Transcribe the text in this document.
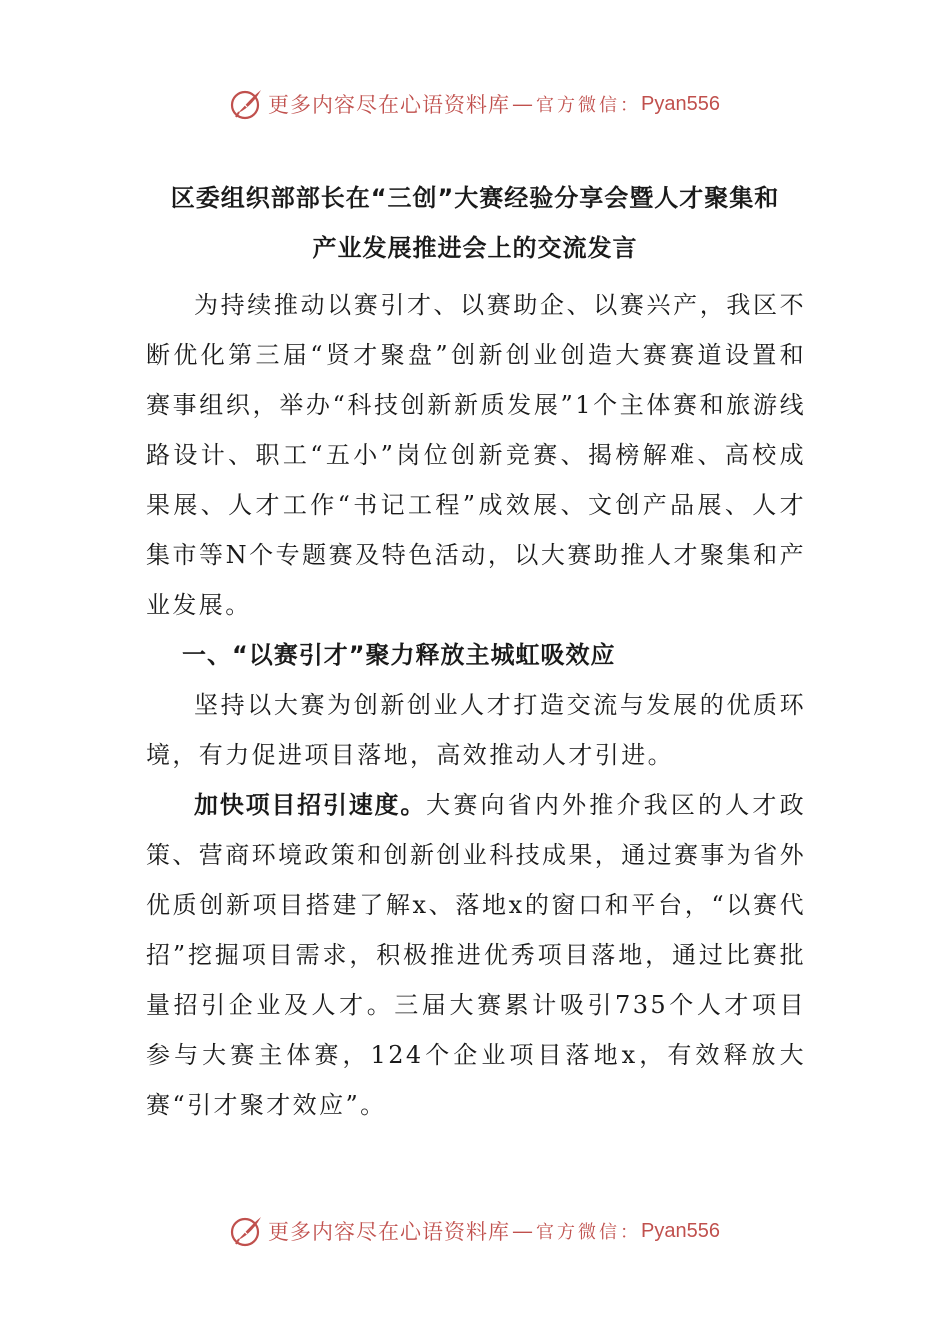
更多内容尽在心语资料库 — 官方微信： Pyan556
区委组织部部长在“三创”大赛经验分享会暨人才聚集和
产业发展推进会上的交流发言

为持续推动以赛引才、以赛助企、以赛兴产，我区不断优化第三届“贤才聚盘”创新创业创造大赛赛道设置和赛事组织，举办“科技创新新质发展”1个主体赛和旅游线路设计、职工“五小”岗位创新竞赛、揭榜解难、高校成果展、人才工作“书记工程”成效展、文创产品展、人才集市等N个专题赛及特色活动，以大赛助推人才聚集和产业发展。

一、“以赛引才”聚力释放主城虹吸效应

坚持以大赛为创新创业人才打造交流与发展的优质环境，有力促进项目落地，高效推动人才引进。

加快项目招引速度。大赛向省内外推介我区的人才政策、营商环境政策和创新创业科技成果，通过赛事为省外优质创新项目搭建了解x、落地x的窗口和平台，“以赛代招”挖掘项目需求，积极推进优秀项目落地，通过比赛批量招引企业及人才。三届大赛累计吸引735个人才项目参与大赛主体赛，124个企业项目落地x，有效释放大赛“引才聚才效应”。

更多内容尽在心语资料库 — 官方微信： Pyan556
